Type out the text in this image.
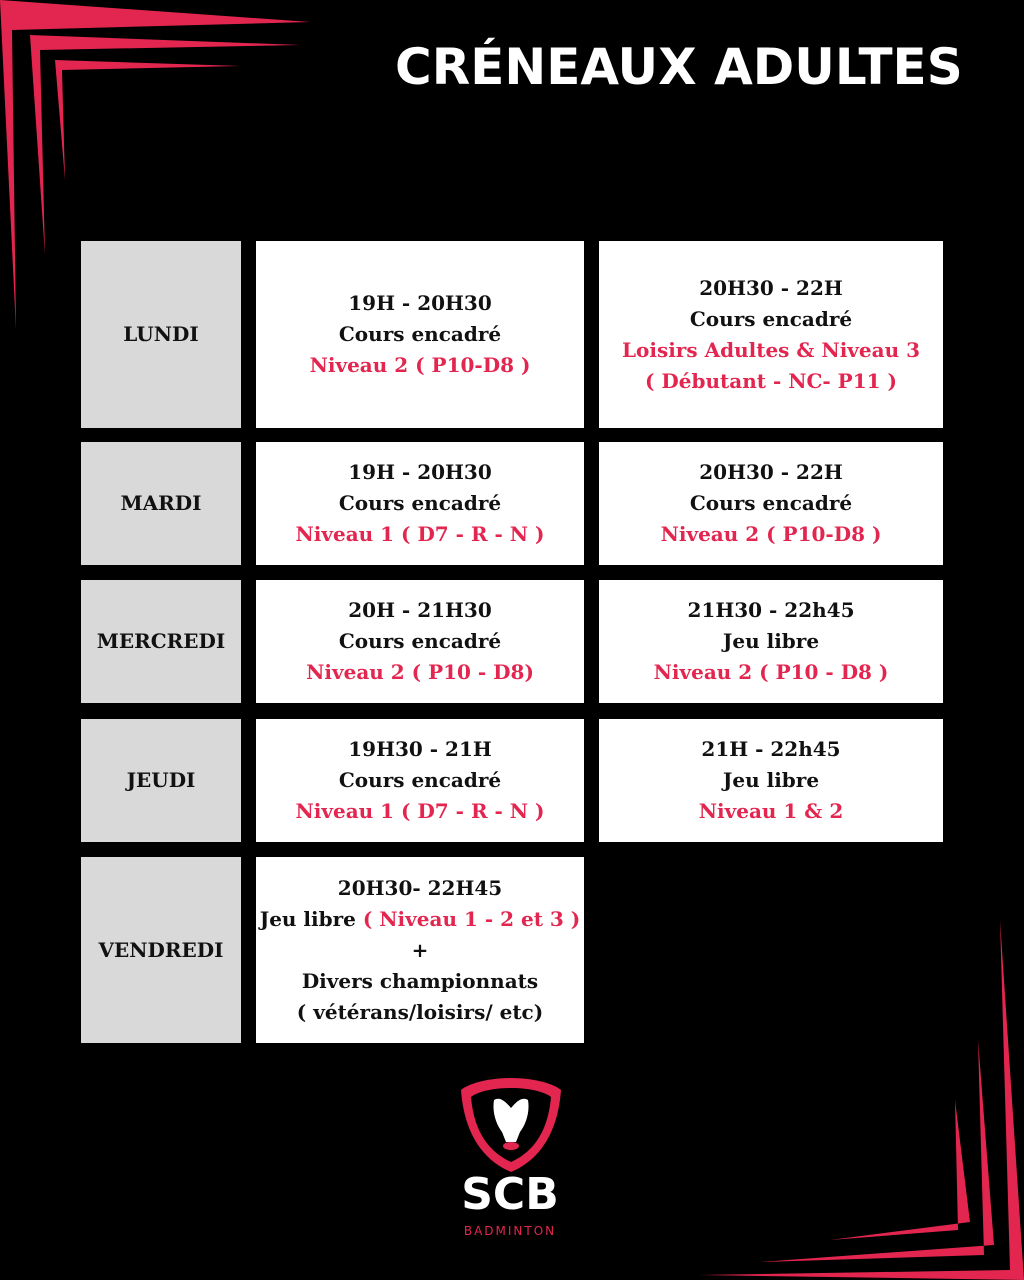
CRÉNEAUX ADULTES
LUNDI
19H - 20H30
Cours encadré
Niveau 2 ( P10-D8 )
20H30 - 22H
Cours encadré
Loisirs Adultes & Niveau 3
( Débutant - NC- P11 )
MARDI
19H - 20H30
Cours encadré
Niveau 1 ( D7 - R - N )
20H30 - 22H
Cours encadré
Niveau 2 ( P10-D8 )
MERCREDI
20H - 21H30
Cours encadré
Niveau 2 ( P10 - D8)
21H30 - 22h45
Jeu libre
Niveau 2 ( P10 - D8 )
JEUDI
19H30 - 21H
Cours encadré
Niveau 1 ( D7 - R - N )
21H - 22h45
Jeu libre
Niveau 1 & 2
VENDREDI
20H30- 22H45
Jeu libre ( Niveau 1 - 2 et 3 )
+
Divers championnats
( vétérans/loisirs/ etc)
SCB
BADMINTON
